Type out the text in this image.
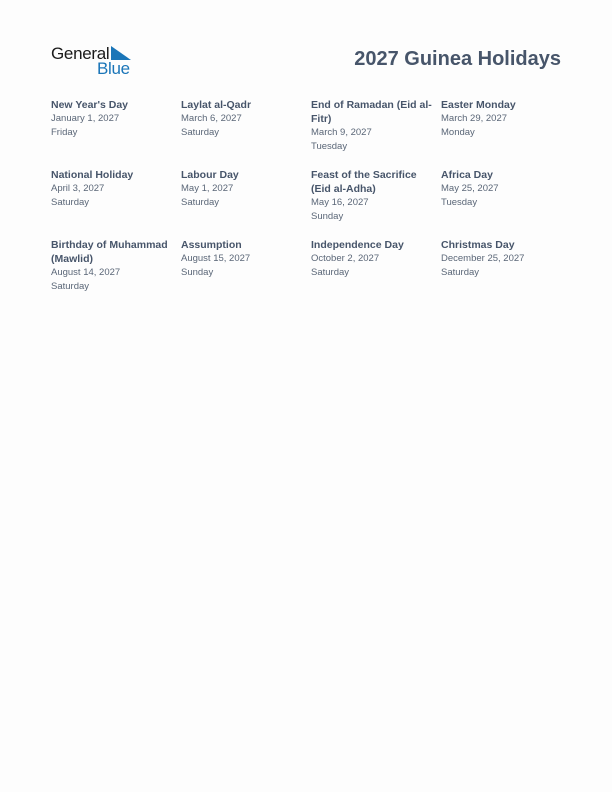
General
Blue	2027 Guinea Holidays
New Year's Day
January 1, 2027
Friday
Laylat al-Qadr
March 6, 2027
Saturday
End of Ramadan (Eid al-Fitr)
March 9, 2027
Tuesday
Easter Monday
March 29, 2027
Monday
National Holiday
April 3, 2027
Saturday
Labour Day
May 1, 2027
Saturday
Feast of the Sacrifice (Eid al-Adha)
May 16, 2027
Sunday
Africa Day
May 25, 2027
Tuesday
Birthday of Muhammad (Mawlid)
August 14, 2027
Saturday
Assumption
August 15, 2027
Sunday
Independence Day
October 2, 2027
Saturday
Christmas Day
December 25, 2027
Saturday
